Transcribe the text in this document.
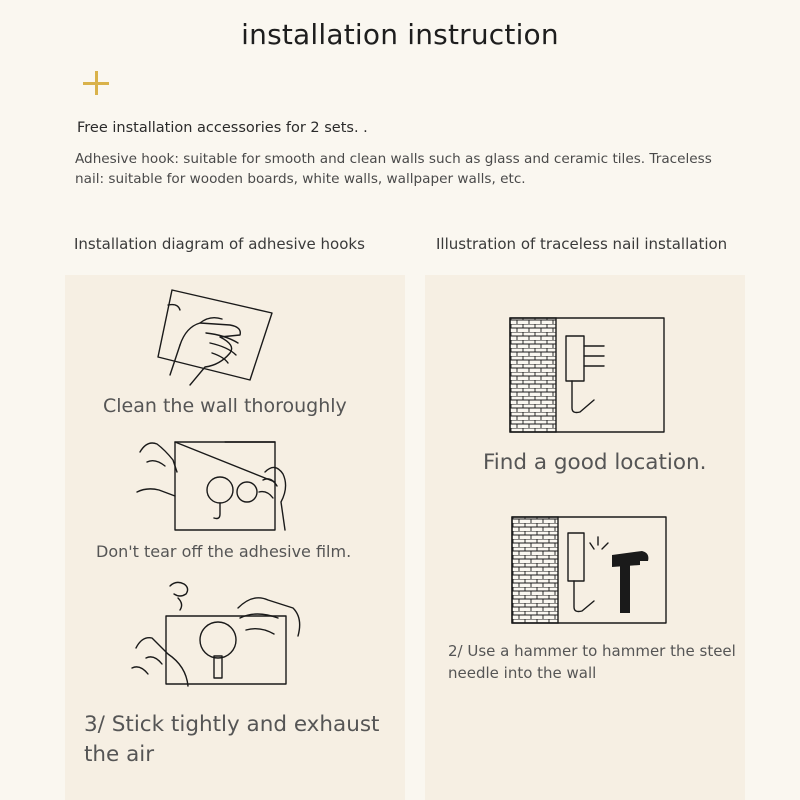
installation instruction
Free installation accessories for 2 sets. .
Adhesive hook: suitable for smooth and clean walls such as glass and ceramic tiles. Traceless nail: suitable for wooden boards, white walls, wallpaper walls, etc.
Installation diagram of adhesive hooks	Illustration of traceless nail installation
Clean the wall thoroughly
Don't tear off the adhesive film.
3/ Stick tightly and exhaust the air
Find a good location.
2/ Use a hammer to hammer the steel needle into the wall
